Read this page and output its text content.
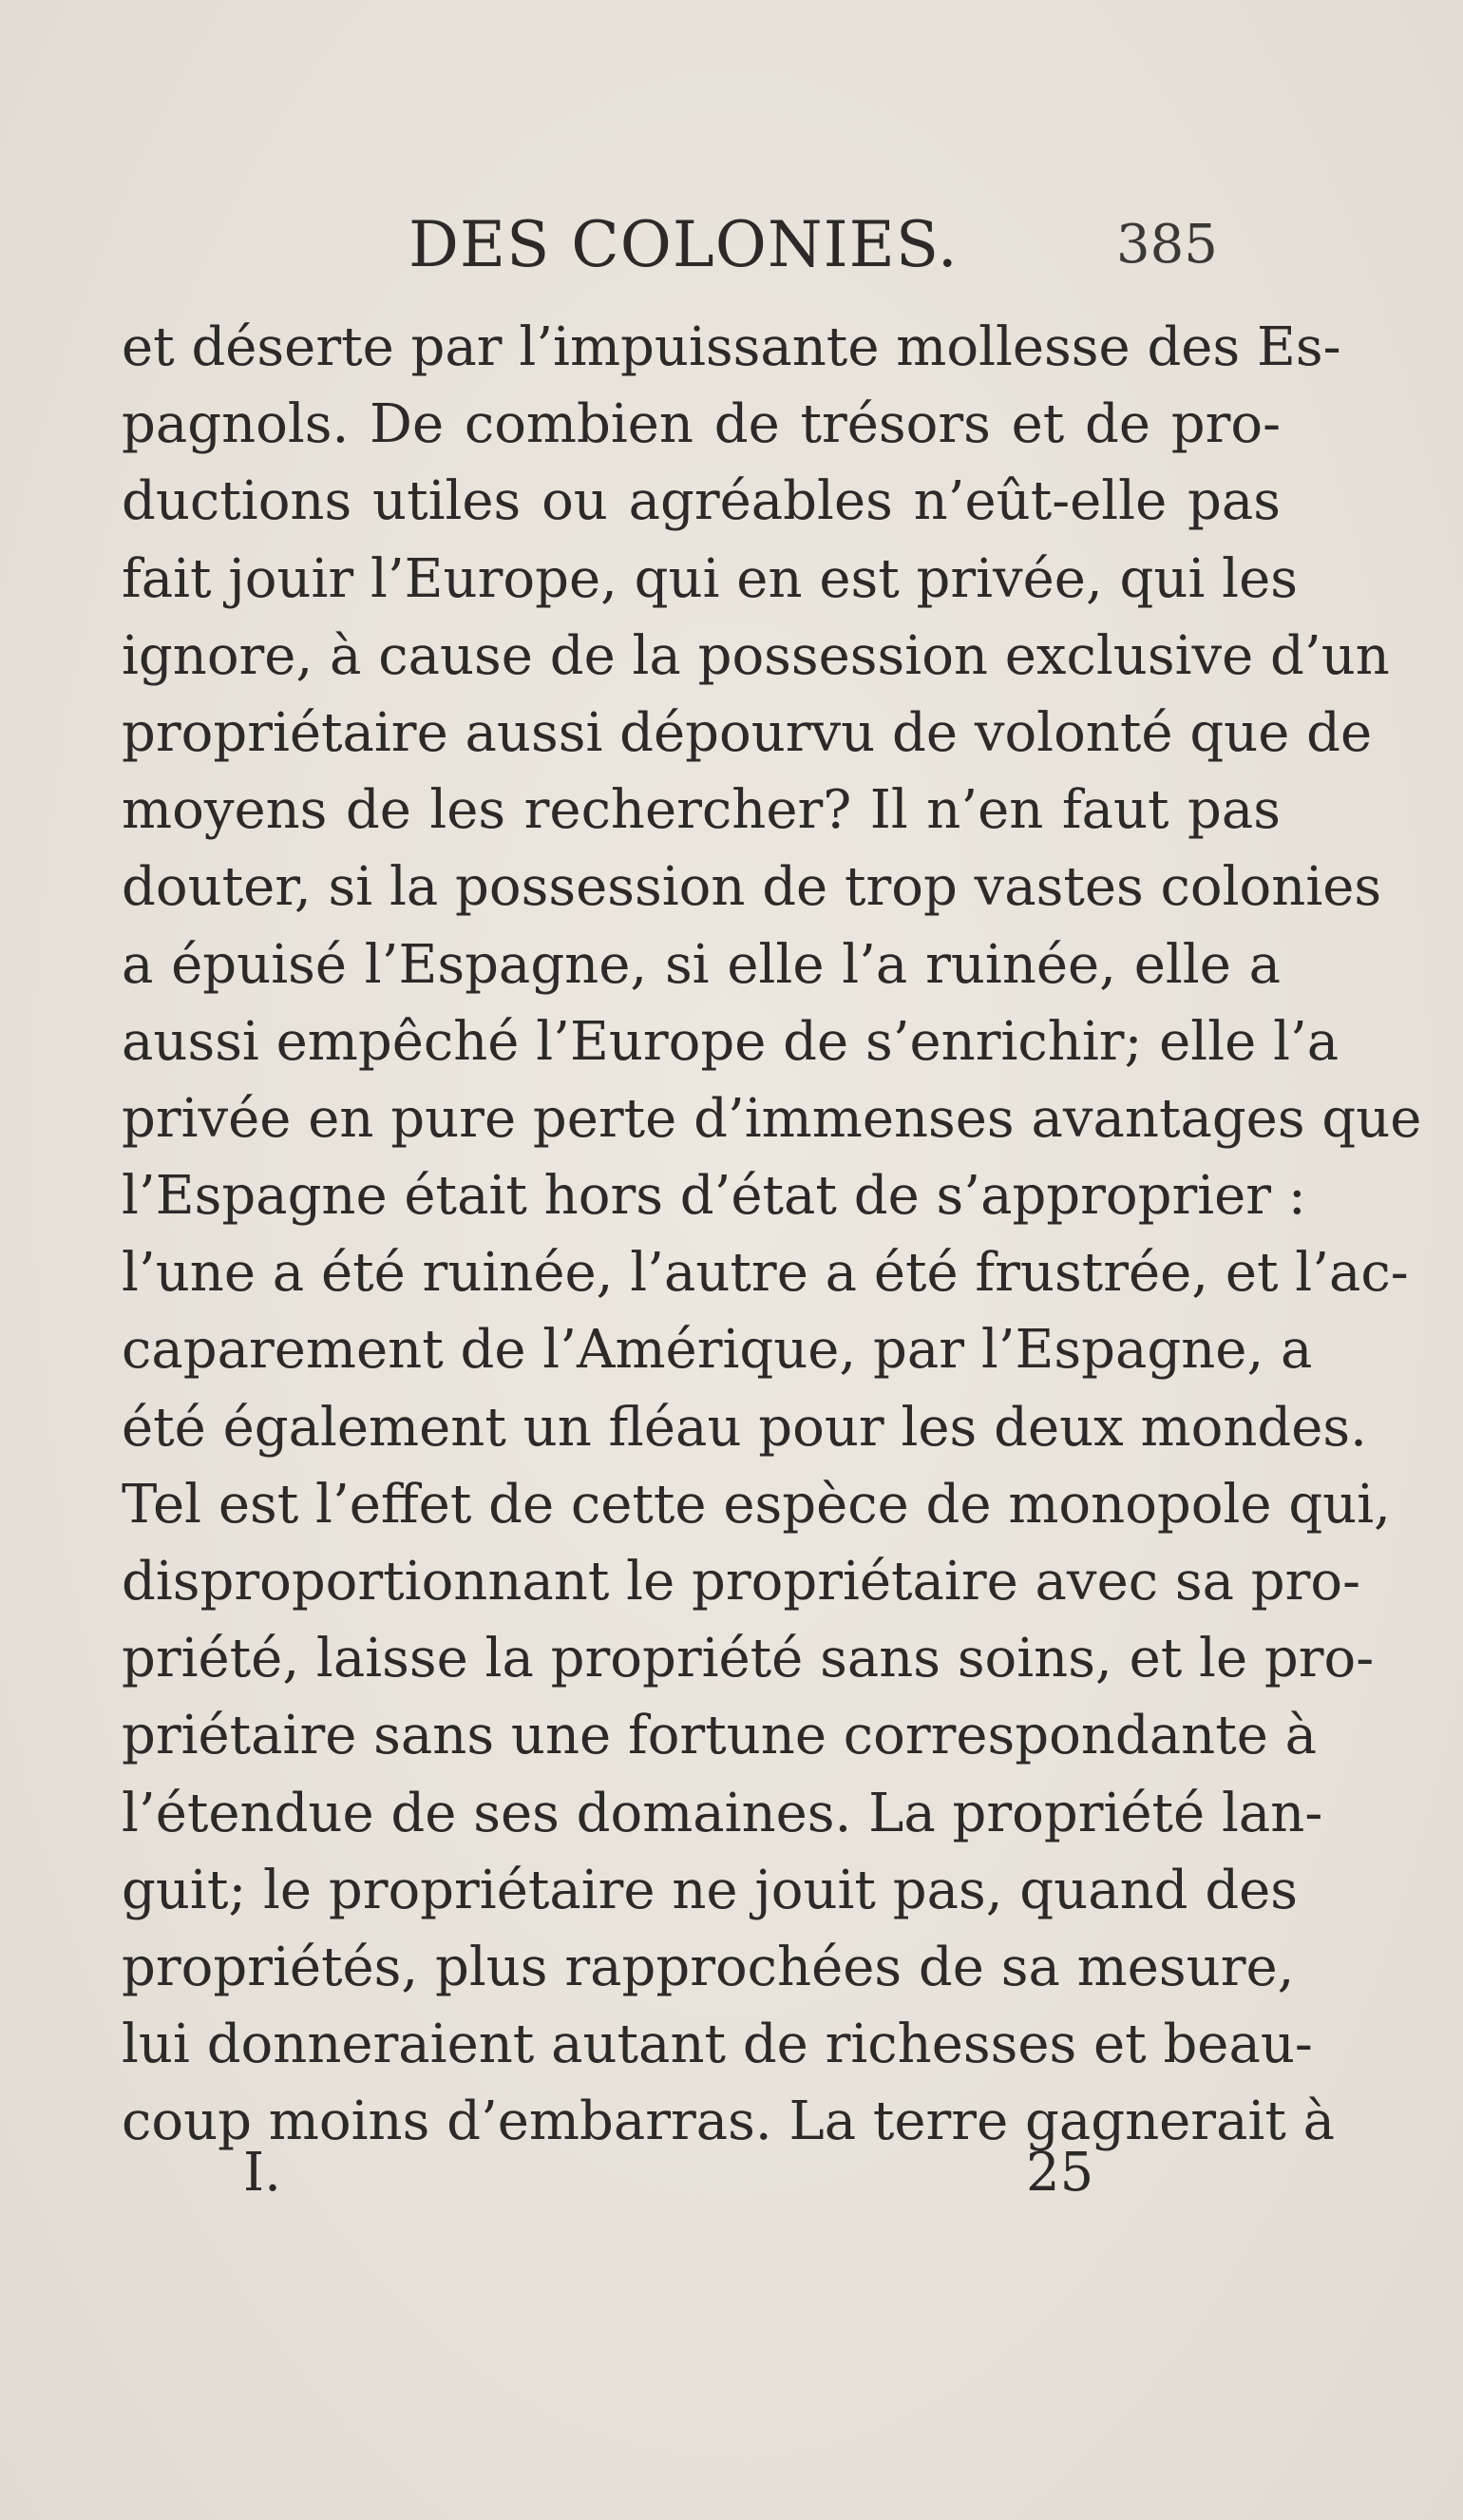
DES COLONIES.	385
et déserte par l’impuissante mollesse des Es-
pagnols. De combien de trésors et de pro-
ductions utiles ou agréables n’eût-elle pas
fait jouir l’Europe, qui en est privée, qui les
ignore, à cause de la possession exclusive d’un
propriétaire aussi dépourvu de volonté que de
moyens de les rechercher? Il n’en faut pas
douter, si la possession de trop vastes colonies
a épuisé l’Espagne, si elle l’a ruinée, elle a
aussi empêché l’Europe de s’enrichir; elle l’a
privée en pure perte d’immenses avantages que
l’Espagne était hors d’état de s’approprier :
l’une a été ruinée, l’autre a été frustrée, et l’ac-
caparement de l’Amérique, par l’Espagne, a
été également un fléau pour les deux mondes.
Tel est l’effet de cette espèce de monopole qui,
disproportionnant le propriétaire avec sa pro-
priété, laisse la propriété sans soins, et le pro-
priétaire sans une fortune correspondante à
l’étendue de ses domaines. La propriété lan-
guit; le propriétaire ne jouit pas, quand des
propriétés, plus rapprochées de sa mesure,
lui donneraient autant de richesses et beau-
coup moins d’embarras. La terre gagnerait à
I.	25
